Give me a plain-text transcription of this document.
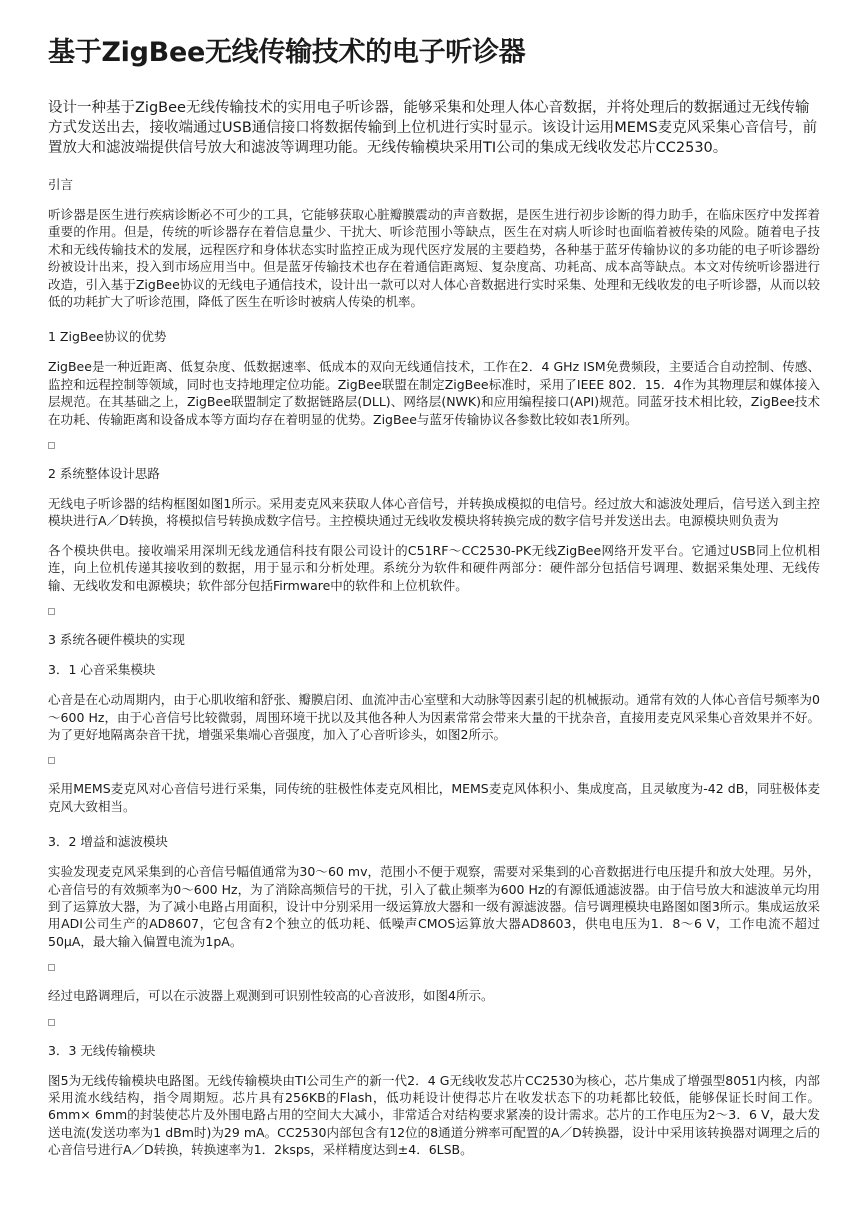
基于ZigBee无线传输技术的电子听诊器

设计一种基于ZigBee无线传输技术的实用电子听诊器，能够采集和处理人体心音数据，并将处理后的数据通过无线传输方式发送出去，接收端通过USB通信接口将数据传输到上位机进行实时显示。该设计运用MEMS麦克风采集心音信号，前置放大和滤波端提供信号放大和滤波等调理功能。无线传输模块采用TI公司的集成无线收发芯片CC2530。

引言

听诊器是医生进行疾病诊断必不可少的工具，它能够获取心脏瓣膜震动的声音数据，是医生进行初步诊断的得力助手，在临床医疗中发挥着重要的作用。但是，传统的听诊器存在着信息量少、干扰大、听诊范围小等缺点，医生在对病人听诊时也面临着被传染的风险。随着电子技术和无线传输技术的发展，远程医疗和身体状态实时监控正成为现代医疗发展的主要趋势，各种基于蓝牙传输协议的多功能的电子听诊器纷纷被设计出来，投入到市场应用当中。但是蓝牙传输技术也存在着通信距离短、复杂度高、功耗高、成本高等缺点。本文对传统听诊器进行改造，引入基于ZigBee协议的无线电子通信技术，设计出一款可以对人体心音数据进行实时采集、处理和无线收发的电子听诊器，从而以较低的功耗扩大了听诊范围，降低了医生在听诊时被病人传染的机率。

1 ZigBee协议的优势

ZigBee是一种近距离、低复杂度、低数据速率、低成本的双向无线通信技术，工作在2．4 GHz ISM免费频段，主要适合自动控制、传感、监控和远程控制等领域，同时也支持地理定位功能。ZigBee联盟在制定ZigBee标准时，采用了IEEE 802．15．4作为其物理层和媒体接入层规范。在其基础之上，ZigBee联盟制定了数据链路层(DLL)、网络层(NWK)和应用编程接口(API)规范。同蓝牙技术相比较，ZigBee技术在功耗、传输距离和设备成本等方面均存在着明显的优势。ZigBee与蓝牙传输协议各参数比较如表1所列。

2 系统整体设计思路

无线电子听诊器的结构框图如图1所示。采用麦克风来获取人体心音信号，并转换成模拟的电信号。经过放大和滤波处理后，信号送入到主控模块进行A／D转换，将模拟信号转换成数字信号。主控模块通过无线收发模块将转换完成的数字信号并发送出去。电源模块则负责为

各个模块供电。接收端采用深圳无线龙通信科技有限公司设计的C51RF～CC2530-PK无线ZigBee网络开发平台。它通过USB同上位机相连，向上位机传递其接收到的数据，用于显示和分析处理。系统分为软件和硬件两部分：硬件部分包括信号调理、数据采集处理、无线传输、无线收发和电源模块；软件部分包括Firmware中的软件和上位机软件。

3 系统各硬件模块的实现
3．1 心音采集模块

心音是在心动周期内，由于心肌收缩和舒张、瓣膜启闭、血流冲击心室壁和大动脉等因素引起的机械振动。通常有效的人体心音信号频率为0～600 Hz，由于心音信号比较微弱，周围环境干扰以及其他各种人为因素常常会带来大量的干扰杂音，直接用麦克风采集心音效果并不好。为了更好地隔离杂音干扰，增强采集端心音强度，加入了心音听诊头，如图2所示。

采用MEMS麦克风对心音信号进行采集，同传统的驻极性体麦克风相比，MEMS麦克风体积小、集成度高，且灵敏度为-42 dB，同驻极体麦克风大致相当。

3．2 增益和滤波模块

实验发现麦克风采集到的心音信号幅值通常为30～60 mv，范围小不便于观察，需要对采集到的心音数据进行电压提升和放大处理。另外，心音信号的有效频率为0～600 Hz，为了消除高频信号的干扰，引入了截止频率为600 Hz的有源低通滤波器。由于信号放大和滤波单元均用到了运算放大器，为了减小电路占用面积，设计中分别采用一级运算放大器和一级有源滤波器。信号调理模块电路图如图3所示。集成运放采用ADI公司生产的AD8607，它包含有2个独立的低功耗、低噪声CMOS运算放大器AD8603，供电电压为1．8～6 V，工作电流不超过50μA，最大输入偏置电流为1pA。

经过电路调理后，可以在示波器上观测到可识别性较高的心音波形，如图4所示。

3．3 无线传输模块

图5为无线传输模块电路图。无线传输模块由TI公司生产的新一代2．4 G无线收发芯片CC2530为核心，芯片集成了增强型8051内核，内部采用流水线结构，指令周期短。芯片具有256KB的Flash，低功耗设计使得芯片在收发状态下的功耗都比较低，能够保证长时间工作。6mm× 6mm的封装使芯片及外围电路占用的空间大大减小，非常适合对结构要求紧凑的设计需求。芯片的工作电压为2～3．6 V，最大发送电流(发送功率为1 dBm时)为29 mA。CC2530内部包含有12位的8通道分辨率可配置的A／D转换器，设计中采用该转换器对调理之后的心音信号进行A／D转换，转换速率为1．2ksps，采样精度达到±4．6LSB。
